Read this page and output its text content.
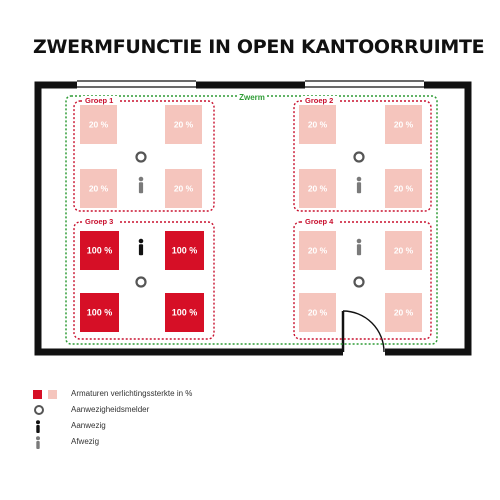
ZWERMFUNCTIE IN OPEN KANTOORRUIMTE
Zwerm
Groep 1
20 %	20 %
20 %	20 %
Groep 2
20 %	20 %
20 %	20 %
Groep 3
100 %	100 %
100 %	100 %
Groep 4
20 %	20 %
20 %	20 %
Armaturen verlichtingssterkte in %
Aanwezigheidsmelder
Aanwezig
Afwezig
